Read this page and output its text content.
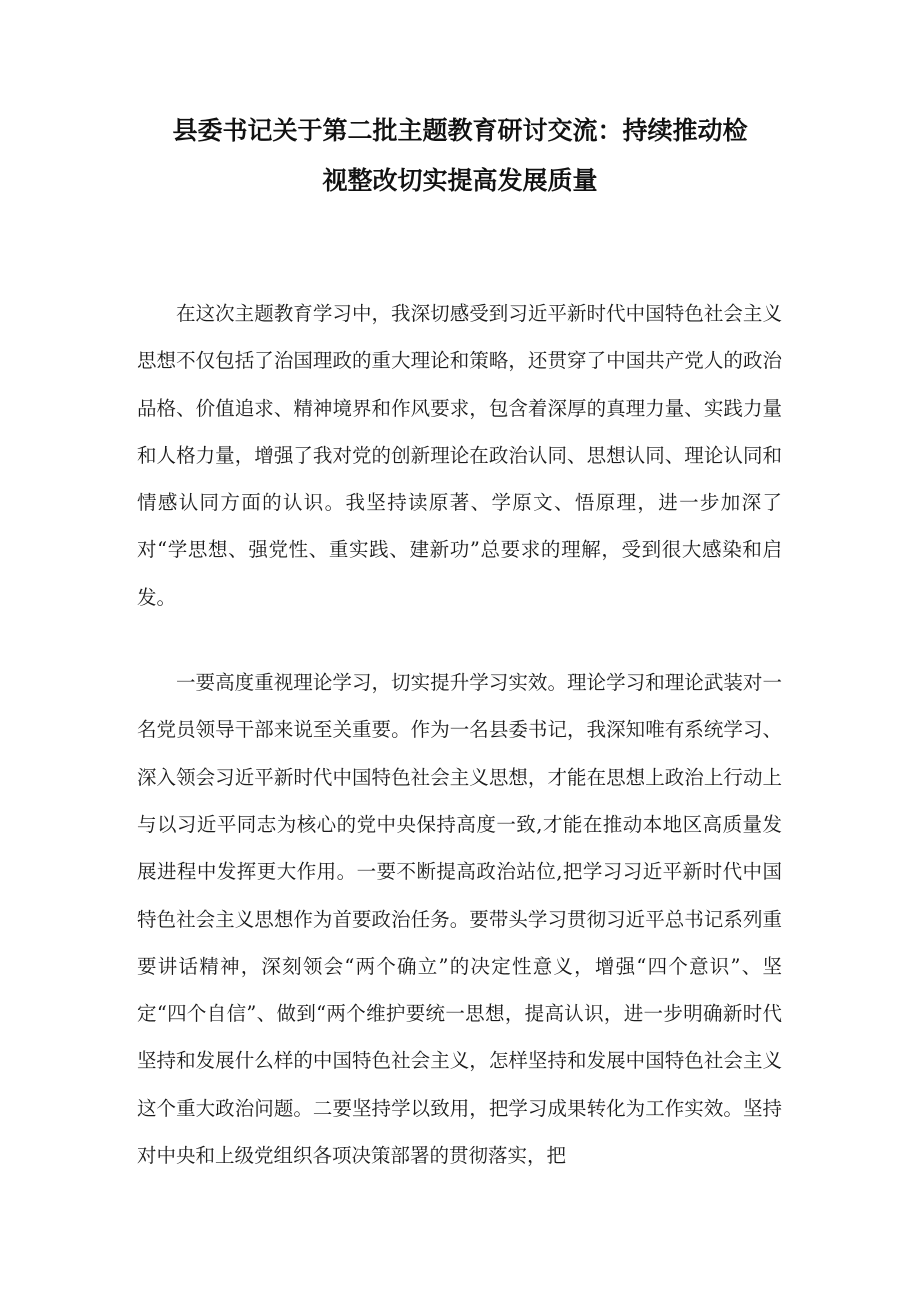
县委书记关于第二批主题教育研讨交流：持续推动检
视整改切实提高发展质量

在这次主题教育学习中，我深切感受到习近平新时代中国特色社会主义思想不仅包括了治国理政的重大理论和策略，还贯穿了中国共产党人的政治品格、价值追求、精神境界和作风要求，包含着深厚的真理力量、实践力量和人格力量，增强了我对党的创新理论在政治认同、思想认同、理论认同和情感认同方面的认识。我坚持读原著、学原文、悟原理，进一步加深了对“学思想、强党性、重实践、建新功”总要求的理解，受到很大感染和启发。

一要高度重视理论学习，切实提升学习实效。理论学习和理论武装对一名党员领导干部来说至关重要。作为一名县委书记，我深知唯有系统学习、深入领会习近平新时代中国特色社会主义思想，才能在思想上政治上行动上与以习近平同志为核心的党中央保持高度一致,才能在推动本地区高质量发展进程中发挥更大作用。一要不断提高政治站位,把学习习近平新时代中国特色社会主义思想作为首要政治任务。要带头学习贯彻习近平总书记系列重要讲话精神，深刻领会“两个确立”的决定性意义，增强“四个意识”、坚定“四个自信”、做到“两个维护要统一思想，提高认识，进一步明确新时代坚持和发展什么样的中国特色社会主义，怎样坚持和发展中国特色社会主义这个重大政治问题。二要坚持学以致用，把学习成果转化为工作实效。坚持对中央和上级党组织各项决策部署的贯彻落实，把
